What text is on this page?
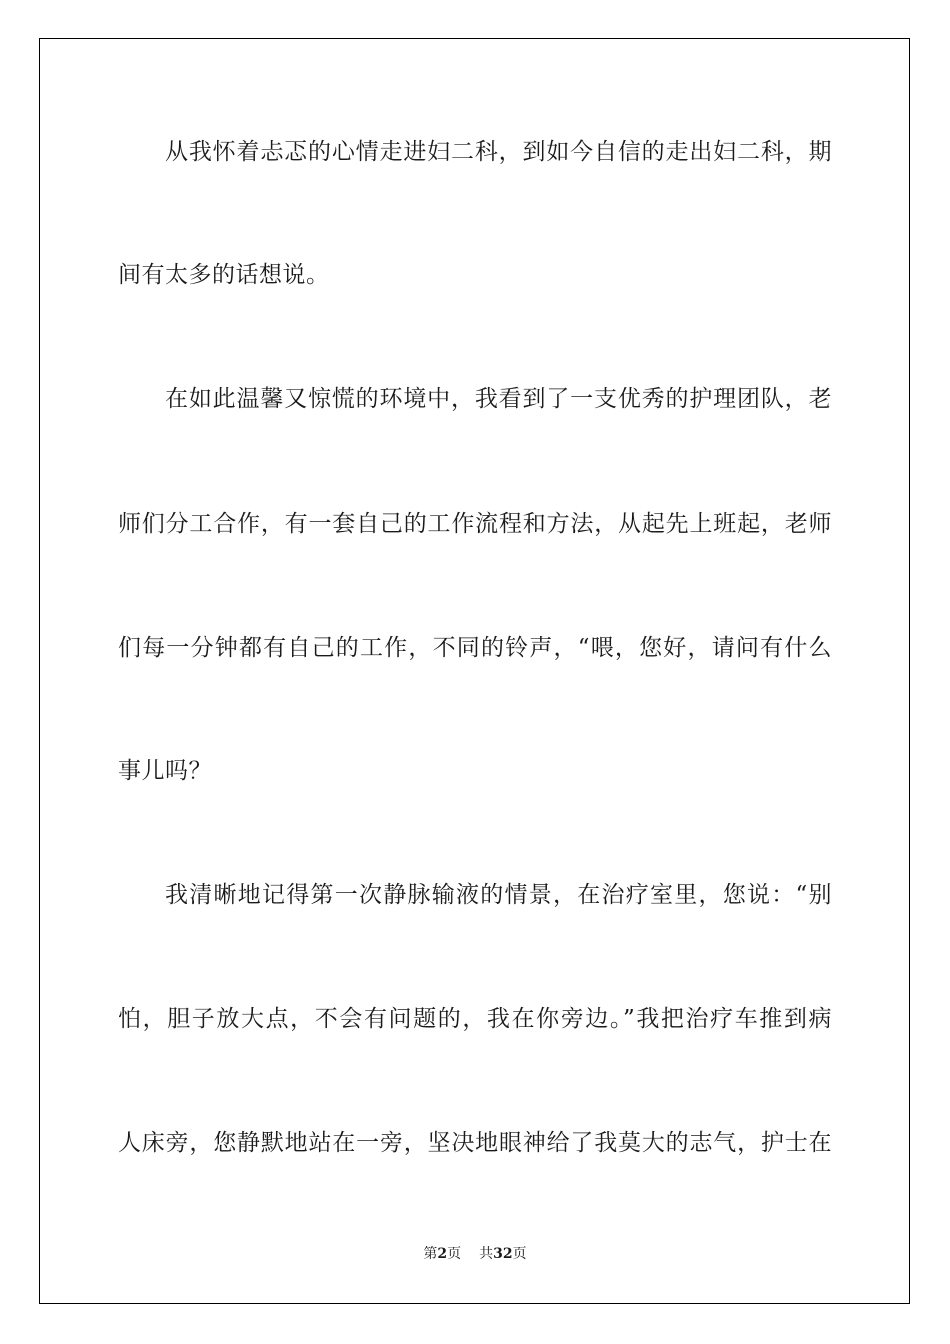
从我怀着忐忑的心情走进妇二科，到如今自信的走出妇二科，期
间有太多的话想说。
在如此温馨又惊慌的环境中，我看到了一支优秀的护理团队，老
师们分工合作，有一套自己的工作流程和方法，从起先上班起，老师
们每一分钟都有自己的工作，不同的铃声，“喂，您好，请问有什么
事儿吗？
我清晰地记得第一次静脉输液的情景，在治疗室里，您说：“别
怕，胆子放大点，不会有问题的，我在你旁边。”我把治疗车推到病
人床旁，您静默地站在一旁，坚决地眼神给了我莫大的志气，护士在
第2页 共32页
